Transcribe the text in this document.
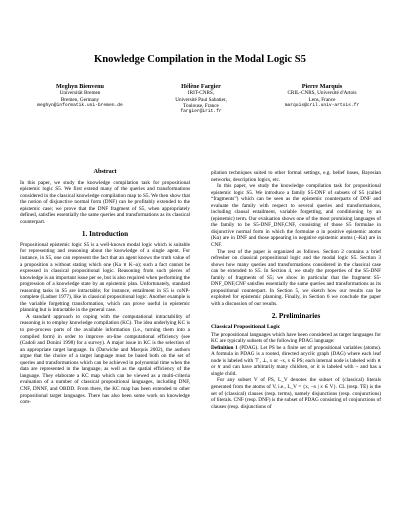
Knowledge Compilation in the Modal Logic S5
Meghyn Bienvenu
Universität Bremen
Bremen, Germany
meghyn@informatik.uni-bremen.de
Hélène Fargier
IRIT-CNRS,
Université Paul Sabatier,
Toulouse, France
fargier@irit.fr
Pierre Marquis
CRIL-CNRS, Université d'Artois
Lens, France
marquis@cril.univ-artois.fr
Abstract

In this paper, we study the knowledge compilation task for propositional epistemic logic S5. We first extend many of the queries and transformations considered in the classical knowledge compilation map to S5. We then show that the notion of disjunctive normal form (DNF) can be profitably extended to the epistemic case; we prove that the DNF fragment of S5, when appropriately defined, satisfies essentially the same queries and transformations as its classical counterpart.

1. Introduction

Propositional epistemic logic S5 is a well-known modal logic which is suitable for representing and reasoning about the knowledge of a single agent. For instance, in S5, one can represent the fact that an agent knows the truth value of a proposition a without stating which one (Ka ∨ K¬a); such a fact cannot be expressed in classical propositional logic. Reasoning from such pieces of knowledge is an important issue per se, but is also required when performing the progression of a knowledge state by an epistemic plan. Unfortunately, standard reasoning tasks in S5 are intractable; for instance, entailment in S5 is coNP-complete (Ladner 1977), like in classical propositional logic. Another example is the variable forgetting transformation, which can prove useful in epistemic planning but is intractable in the general case.

A standard approach to coping with the computational intractability of reasoning is to employ knowledge compilation (KC). The idea underlying KC is to pre-process parts of the available information (i.e., turning them into a compiled form) in order to improve on-line computational efficiency (see (Cadoli and Donini 1998) for a survey). A major issue in KC is the selection of an appropriate target language. In (Darwiche and Marquis 2002), the authors argue that the choice of a target language must be based both on the set of queries and transformations which can be achieved in polynomial time when the data are represented in the language, as well as the spatial efficiency of the language. They elaborate a KC map which can be viewed as a multi-criteria evaluation of a number of classical propositional languages, including DNF, CNF, DNNF, and OBDD. From there, the KC map has been extended to other propositional target languages. There has also been some work on knowledge com-

pilation techniques suited to other formal settings, e.g. belief bases, Bayesian networks, description logics, etc.

In this paper, we study the knowledge compilation task for propositional epistemic logic S5. We introduce a family S5-DNF of subsets of S5 (called “fragments”) which can be seen as the epistemic counterparts of DNF and evaluate the family with respect to several queries and transformations, including clausal entailment, variable forgetting, and conditioning by an (epistemic) term. Our evaluation shows one of the most promising languages of the family to be S5-DNF_DNF,CNF, consisting of those S5 formulae in disjunctive normal form in which the formulae α in positive epistemic atoms (Kα) are in DNF and those appearing in negative epistemic atoms (¬Kα) are in CNF.

The rest of the paper is organized as follows. Section 2 contains a brief refresher on classical propositional logic and the modal logic S5. Section 3 shows how many queries and transformations considered in the classical case can be extended to S5. In Section 4, we study the properties of the S5-DNF family of fragments of S5; we show in particular that the fragment S5-DNF_DNF,CNF satisfies essentially the same queries and transformations as its propositional counterpart. In Section 5, we sketch how our results can be exploited for epistemic planning. Finally, in Section 6 we conclude the paper with a discussion of our results.

2. Preliminaries
Classical Propositional Logic

The propositional languages which have been considered as target languages for KC are typically subsets of the following PDAG language:

Definition 1 (PDAG). Let PS be a finite set of propositional variables (atoms). A formula in PDAG is a rooted, directed acyclic graph (DAG) where each leaf node is labeled with ⊤, ⊥, x or ¬x, x ∈ PS; each internal node is labeled with ∧ or ∨ and can have arbitrarily many children, or it is labeled with ¬ and has a single child.

For any subset V of PS, L_V denotes the subset of (classical) literals generated from the atoms of V, i.e., L_V = {x, ¬x | x ∈ V}. CL (resp. TE) is the set of (classical) clauses (resp. terms), namely disjunctions (resp. conjunctions) of literals. CNF (resp. DNF) is the subset of PDAG consisting of conjunctions of clauses (resp. disjunctions of
